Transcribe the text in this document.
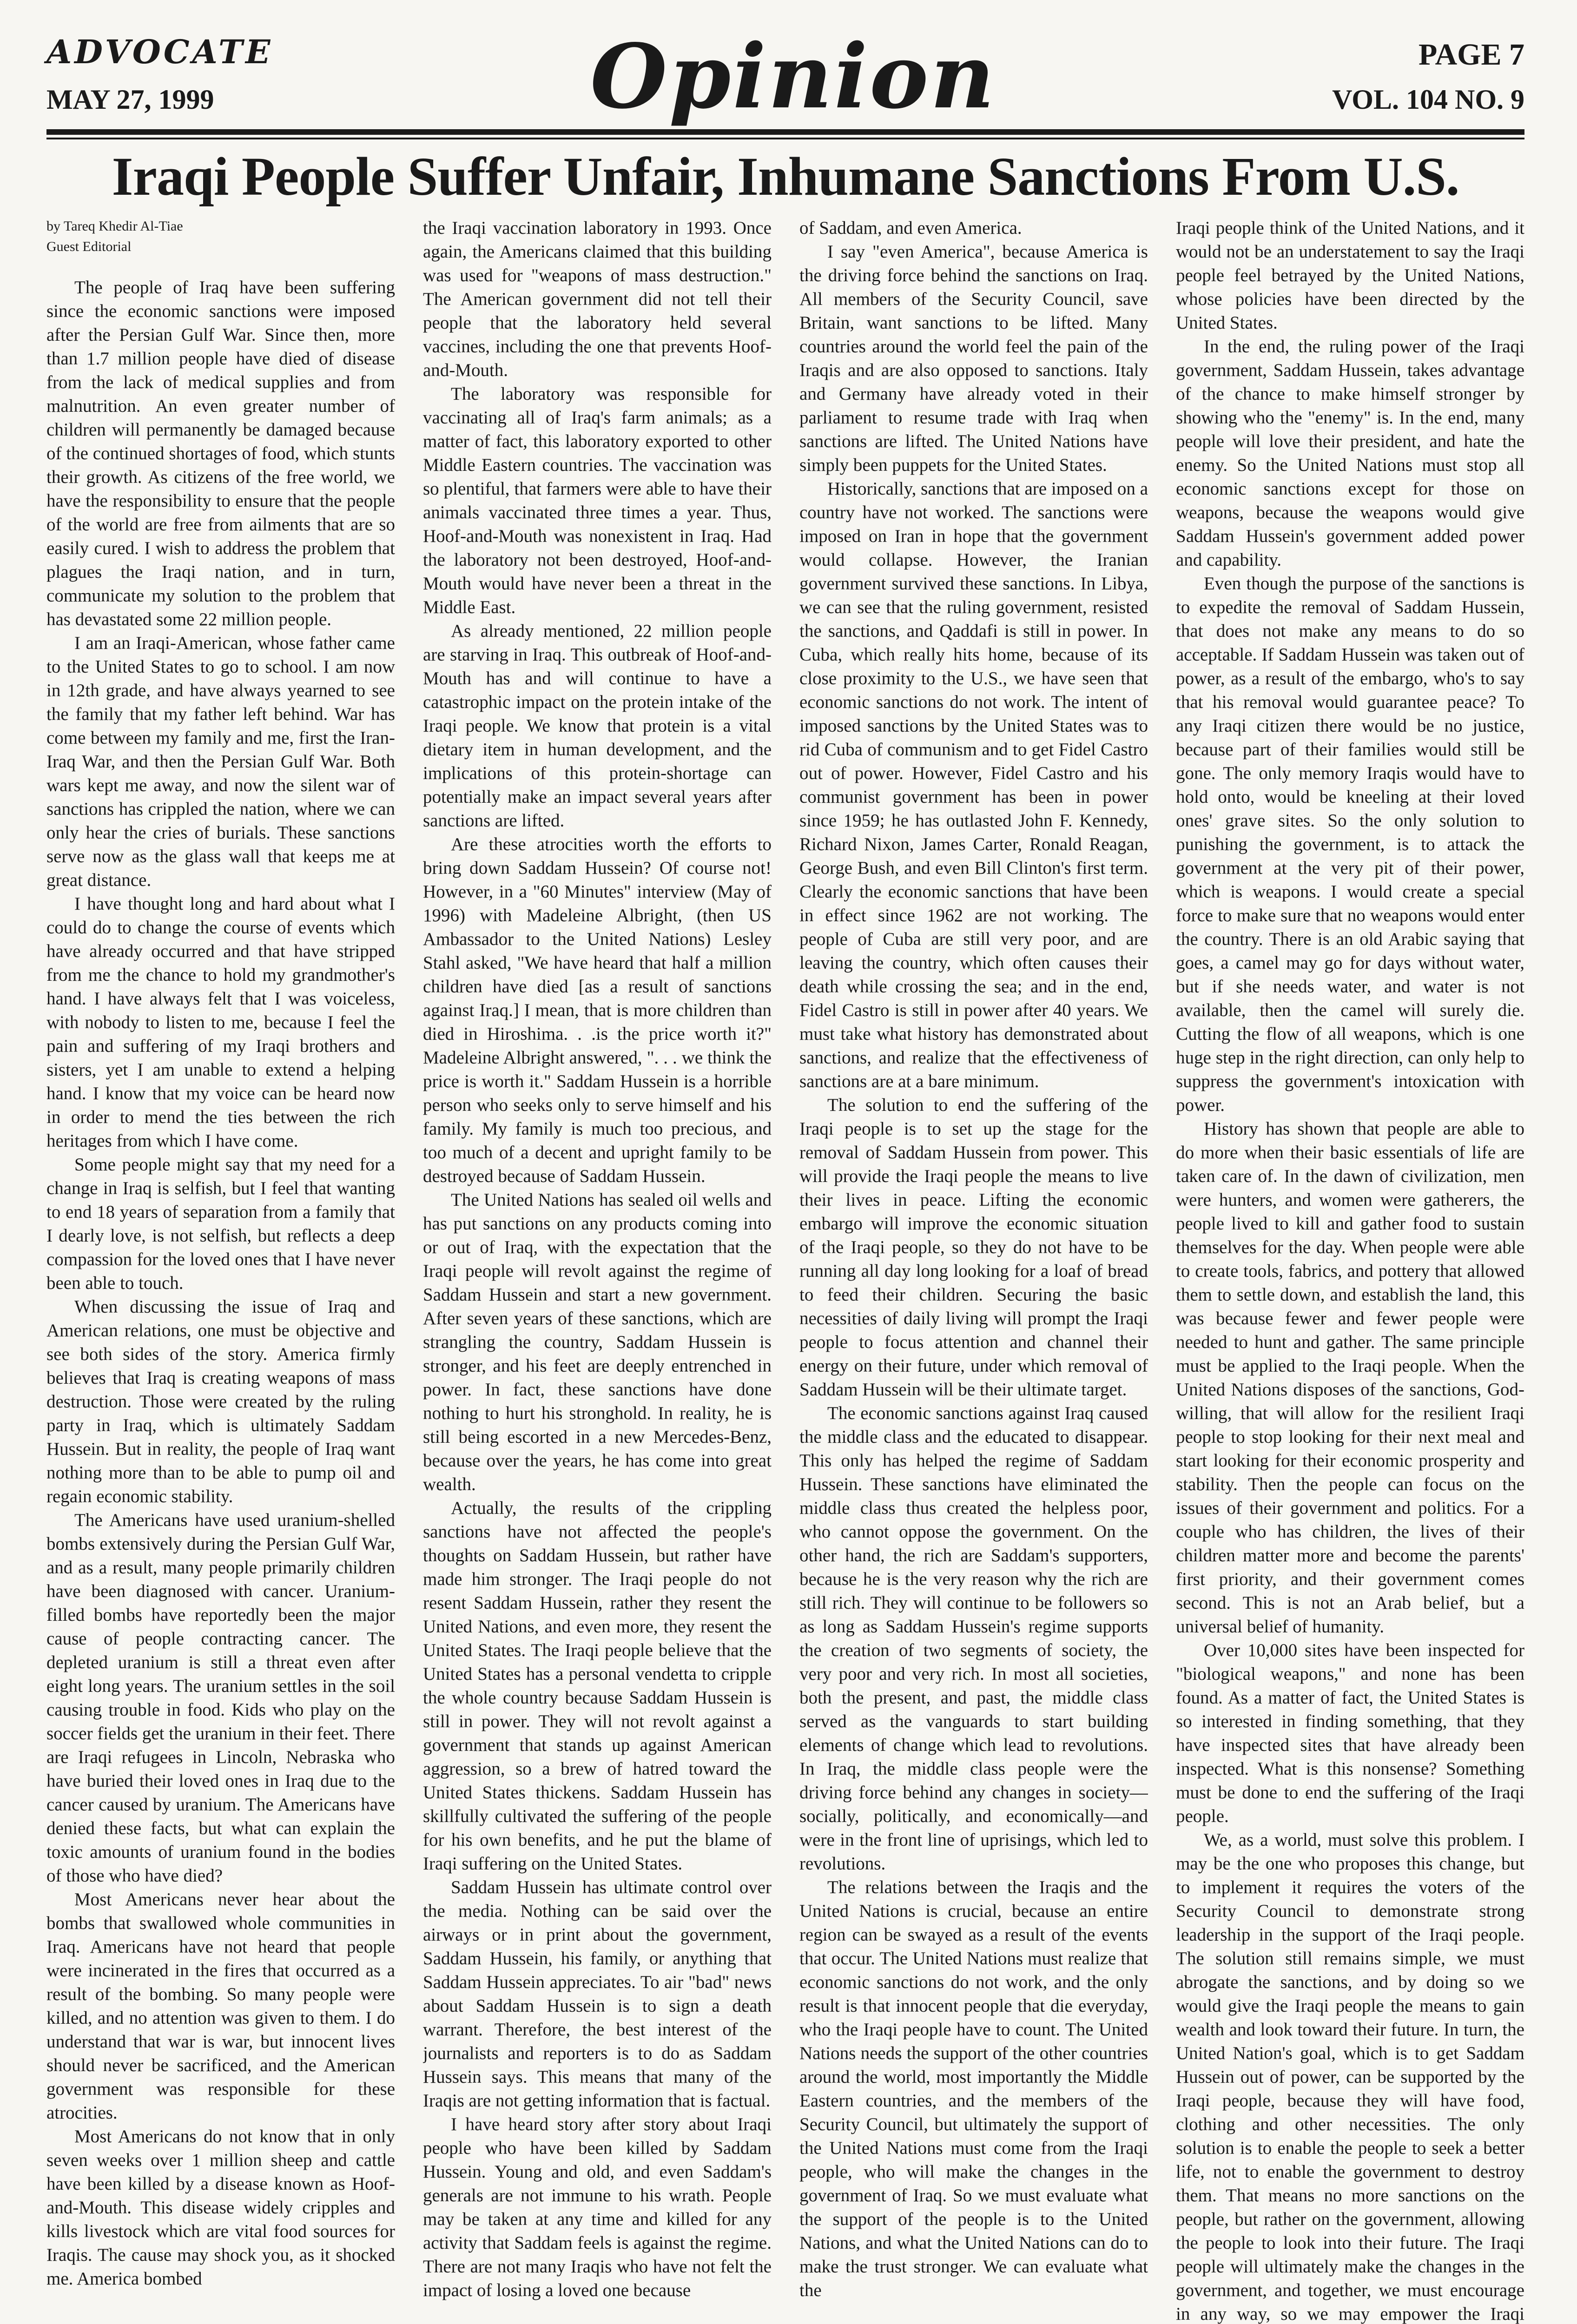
ADVOCATE
MAY 27, 1999	Opinion	PAGE 7
VOL. 104 NO. 9
Iraqi People Suffer Unfair, Inhumane Sanctions From U.S.
by Tareq Khedir Al-Tiae
Guest Editorial

The people of Iraq have been suffering since the economic sanctions were imposed after the Persian Gulf War. Since then, more than 1.7 million people have died of disease from the lack of medical supplies and from malnutrition. An even greater number of children will permanently be damaged because of the continued shortages of food, which stunts their growth. As citizens of the free world, we have the responsibility to ensure that the people of the world are free from ailments that are so easily cured. I wish to address the problem that plagues the Iraqi nation, and in turn, communicate my solution to the problem that has devastated some 22 million people.

I am an Iraqi-American, whose father came to the United States to go to school. I am now in 12th grade, and have always yearned to see the family that my father left behind. War has come between my family and me, first the Iran-Iraq War, and then the Persian Gulf War. Both wars kept me away, and now the silent war of sanctions has crippled the nation, where we can only hear the cries of burials. These sanctions serve now as the glass wall that keeps me at great distance.

I have thought long and hard about what I could do to change the course of events which have already occurred and that have stripped from me the chance to hold my grandmother's hand. I have always felt that I was voiceless, with nobody to listen to me, because I feel the pain and suffering of my Iraqi brothers and sisters, yet I am unable to extend a helping hand. I know that my voice can be heard now in order to mend the ties between the rich heritages from which I have come.

Some people might say that my need for a change in Iraq is selfish, but I feel that wanting to end 18 years of separation from a family that I dearly love, is not selfish, but reflects a deep compassion for the loved ones that I have never been able to touch.

When discussing the issue of Iraq and American relations, one must be objective and see both sides of the story. America firmly believes that Iraq is creating weapons of mass destruction. Those were created by the ruling party in Iraq, which is ultimately Saddam Hussein. But in reality, the people of Iraq want nothing more than to be able to pump oil and regain economic stability.

The Americans have used uranium-shelled bombs extensively during the Persian Gulf War, and as a result, many people primarily children have been diagnosed with cancer. Uranium-filled bombs have reportedly been the major cause of people contracting cancer. The depleted uranium is still a threat even after eight long years. The uranium settles in the soil causing trouble in food. Kids who play on the soccer fields get the uranium in their feet. There are Iraqi refugees in Lincoln, Nebraska who have buried their loved ones in Iraq due to the cancer caused by uranium. The Americans have denied these facts, but what can explain the toxic amounts of uranium found in the bodies of those who have died?

Most Americans never hear about the bombs that swallowed whole communities in Iraq. Americans have not heard that people were incinerated in the fires that occurred as a result of the bombing. So many people were killed, and no attention was given to them. I do understand that war is war, but innocent lives should never be sacrificed, and the American government was responsible for these atrocities.

Most Americans do not know that in only seven weeks over 1 million sheep and cattle have been killed by a disease known as Hoof-and-Mouth. This disease widely cripples and kills livestock which are vital food sources for Iraqis. The cause may shock you, as it shocked me. America bombed

the Iraqi vaccination laboratory in 1993. Once again, the Americans claimed that this building was used for "weapons of mass destruction." The American government did not tell their people that the laboratory held several vaccines, including the one that prevents Hoof-and-Mouth.

The laboratory was responsible for vaccinating all of Iraq's farm animals; as a matter of fact, this laboratory exported to other Middle Eastern countries. The vaccination was so plentiful, that farmers were able to have their animals vaccinated three times a year. Thus, Hoof-and-Mouth was nonexistent in Iraq. Had the laboratory not been destroyed, Hoof-and-Mouth would have never been a threat in the Middle East.

As already mentioned, 22 million people are starving in Iraq. This outbreak of Hoof-and-Mouth has and will continue to have a catastrophic impact on the protein intake of the Iraqi people. We know that protein is a vital dietary item in human development, and the implications of this protein-shortage can potentially make an impact several years after sanctions are lifted.

Are these atrocities worth the efforts to bring down Saddam Hussein? Of course not! However, in a "60 Minutes" interview (May of 1996) with Madeleine Albright, (then US Ambassador to the United Nations) Lesley Stahl asked, "We have heard that half a million children have died [as a result of sanctions against Iraq.] I mean, that is more children than died in Hiroshima. . .is the price worth it?" Madeleine Albright answered, ". . . we think the price is worth it." Saddam Hussein is a horrible person who seeks only to serve himself and his family. My family is much too precious, and too much of a decent and upright family to be destroyed because of Saddam Hussein.

The United Nations has sealed oil wells and has put sanctions on any products coming into or out of Iraq, with the expectation that the Iraqi people will revolt against the regime of Saddam Hussein and start a new government. After seven years of these sanctions, which are strangling the country, Saddam Hussein is stronger, and his feet are deeply entrenched in power. In fact, these sanctions have done nothing to hurt his stronghold. In reality, he is still being escorted in a new Mercedes-Benz, because over the years, he has come into great wealth.

Actually, the results of the crippling sanctions have not affected the people's thoughts on Saddam Hussein, but rather have made him stronger. The Iraqi people do not resent Saddam Hussein, rather they resent the United Nations, and even more, they resent the United States. The Iraqi people believe that the United States has a personal vendetta to cripple the whole country because Saddam Hussein is still in power. They will not revolt against a government that stands up against American aggression, so a brew of hatred toward the United States thickens. Saddam Hussein has skillfully cultivated the suffering of the people for his own benefits, and he put the blame of Iraqi suffering on the United States.

Saddam Hussein has ultimate control over the media. Nothing can be said over the airways or in print about the government, Saddam Hussein, his family, or anything that Saddam Hussein appreciates. To air "bad" news about Saddam Hussein is to sign a death warrant. Therefore, the best interest of the journalists and reporters is to do as Saddam Hussein says. This means that many of the Iraqis are not getting information that is factual.

I have heard story after story about Iraqi people who have been killed by Saddam Hussein. Young and old, and even Saddam's generals are not immune to his wrath. People may be taken at any time and killed for any activity that Saddam feels is against the regime. There are not many Iraqis who have not felt the impact of losing a loved one because

of Saddam, and even America.

I say "even America", because America is the driving force behind the sanctions on Iraq. All members of the Security Council, save Britain, want sanctions to be lifted. Many countries around the world feel the pain of the Iraqis and are also opposed to sanctions. Italy and Germany have already voted in their parliament to resume trade with Iraq when sanctions are lifted. The United Nations have simply been puppets for the United States.

Historically, sanctions that are imposed on a country have not worked. The sanctions were imposed on Iran in hope that the government would collapse. However, the Iranian government survived these sanctions. In Libya, we can see that the ruling government, resisted the sanctions, and Qaddafi is still in power. In Cuba, which really hits home, because of its close proximity to the U.S., we have seen that economic sanctions do not work. The intent of imposed sanctions by the United States was to rid Cuba of communism and to get Fidel Castro out of power. However, Fidel Castro and his communist government has been in power since 1959; he has outlasted John F. Kennedy, Richard Nixon, James Carter, Ronald Reagan, George Bush, and even Bill Clinton's first term. Clearly the economic sanctions that have been in effect since 1962 are not working. The people of Cuba are still very poor, and are leaving the country, which often causes their death while crossing the sea; and in the end, Fidel Castro is still in power after 40 years. We must take what history has demonstrated about sanctions, and realize that the effectiveness of sanctions are at a bare minimum.

The solution to end the suffering of the Iraqi people is to set up the stage for the removal of Saddam Hussein from power. This will provide the Iraqi people the means to live their lives in peace. Lifting the economic embargo will improve the economic situation of the Iraqi people, so they do not have to be running all day long looking for a loaf of bread to feed their children. Securing the basic necessities of daily living will prompt the Iraqi people to focus attention and channel their energy on their future, under which removal of Saddam Hussein will be their ultimate target.

The economic sanctions against Iraq caused the middle class and the educated to disappear. This only has helped the regime of Saddam Hussein. These sanctions have eliminated the middle class thus created the helpless poor, who cannot oppose the government. On the other hand, the rich are Saddam's supporters, because he is the very reason why the rich are still rich. They will continue to be followers so as long as Saddam Hussein's regime supports the creation of two segments of society, the very poor and very rich. In most all societies, both the present, and past, the middle class served as the vanguards to start building elements of change which lead to revolutions. In Iraq, the middle class people were the driving force behind any changes in society—socially, politically, and economically—and were in the front line of uprisings, which led to revolutions.

The relations between the Iraqis and the United Nations is crucial, because an entire region can be swayed as a result of the events that occur. The United Nations must realize that economic sanctions do not work, and the only result is that innocent people that die everyday, who the Iraqi people have to count. The United Nations needs the support of the other countries around the world, most importantly the Middle Eastern countries, and the members of the Security Council, but ultimately the support of the United Nations must come from the Iraqi people, who will make the changes in the government of Iraq. So we must evaluate what the support of the people is to the United Nations, and what the United Nations can do to make the trust stronger. We can evaluate what the

Iraqi people think of the United Nations, and it would not be an understatement to say the Iraqi people feel betrayed by the United Nations, whose policies have been directed by the United States.

In the end, the ruling power of the Iraqi government, Saddam Hussein, takes advantage of the chance to make himself stronger by showing who the "enemy" is. In the end, many people will love their president, and hate the enemy. So the United Nations must stop all economic sanctions except for those on weapons, because the weapons would give Saddam Hussein's government added power and capability.

Even though the purpose of the sanctions is to expedite the removal of Saddam Hussein, that does not make any means to do so acceptable. If Saddam Hussein was taken out of power, as a result of the embargo, who's to say that his removal would guarantee peace? To any Iraqi citizen there would be no justice, because part of their families would still be gone. The only memory Iraqis would have to hold onto, would be kneeling at their loved ones' grave sites. So the only solution to punishing the government, is to attack the government at the very pit of their power, which is weapons. I would create a special force to make sure that no weapons would enter the country. There is an old Arabic saying that goes, a camel may go for days without water, but if she needs water, and water is not available, then the camel will surely die. Cutting the flow of all weapons, which is one huge step in the right direction, can only help to suppress the government's intoxication with power.

History has shown that people are able to do more when their basic essentials of life are taken care of. In the dawn of civilization, men were hunters, and women were gatherers, the people lived to kill and gather food to sustain themselves for the day. When people were able to create tools, fabrics, and pottery that allowed them to settle down, and establish the land, this was because fewer and fewer people were needed to hunt and gather. The same principle must be applied to the Iraqi people. When the United Nations disposes of the sanctions, God-willing, that will allow for the resilient Iraqi people to stop looking for their next meal and start looking for their economic prosperity and stability. Then the people can focus on the issues of their government and politics. For a couple who has children, the lives of their children matter more and become the parents' first priority, and their government comes second. This is not an Arab belief, but a universal belief of humanity.

Over 10,000 sites have been inspected for "biological weapons," and none has been found. As a matter of fact, the United States is so interested in finding something, that they have inspected sites that have already been inspected. What is this nonsense? Something must be done to end the suffering of the Iraqi people.

We, as a world, must solve this problem. I may be the one who proposes this change, but to implement it requires the voters of the Security Council to demonstrate strong leadership in the support of the Iraqi people. The solution still remains simple, we must abrogate the sanctions, and by doing so we would give the Iraqi people the means to gain wealth and look toward their future. In turn, the United Nation's goal, which is to get Saddam Hussein out of power, can be supported by the Iraqi people, because they will have food, clothing and other necessities. The only solution is to enable the people to seek a better life, not to enable the government to destroy them. That means no more sanctions on the people, but rather on the government, allowing the people to look into their future. The Iraqi people will ultimately make the changes in the government, and together, we must encourage in any way, so we may empower the Iraqi
